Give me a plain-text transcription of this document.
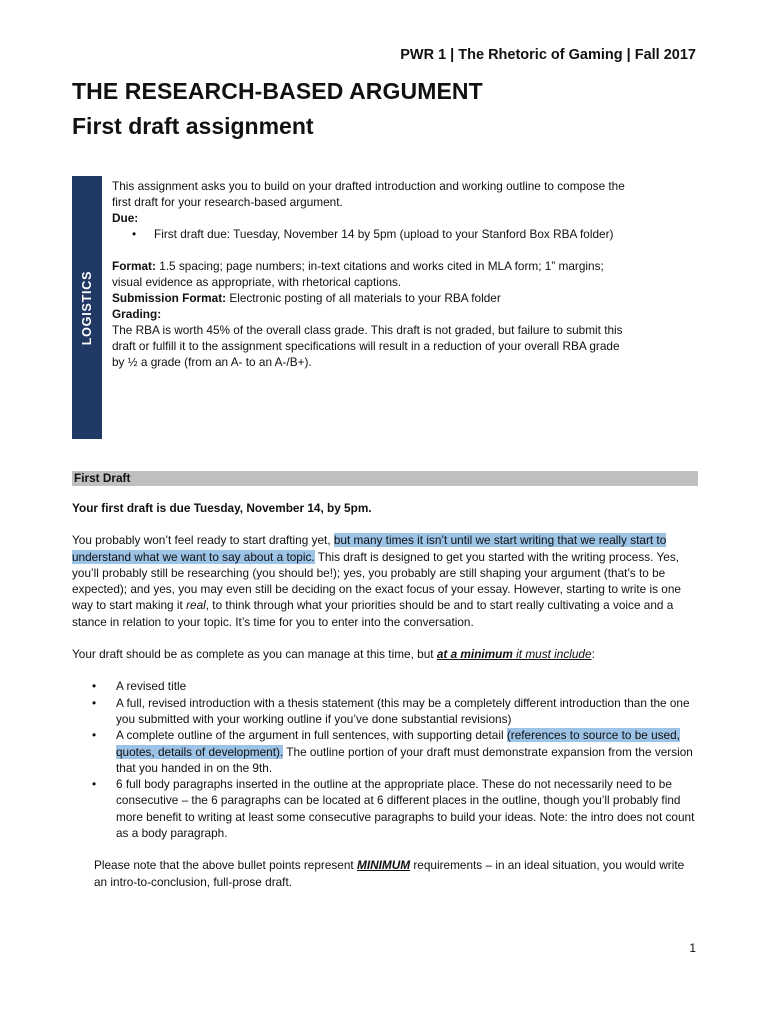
PWR 1 | The Rhetoric of Gaming | Fall 2017
THE RESEARCH-BASED ARGUMENT
First draft assignment
LOGISTICS

This assignment asks you to build on your drafted introduction and working outline to compose the first draft for your research-based argument.

Due:

•	First draft due: Tuesday, November 14 by 5pm (upload to your Stanford Box RBA folder)

Format: 1.5 spacing; page numbers; in-text citations and works cited in MLA form; 1” margins; visual evidence as appropriate, with rhetorical captions.

Submission Format: Electronic posting of all materials to your RBA folder

Grading:

The RBA is worth 45% of the overall class grade. This draft is not graded, but failure to submit this draft or fulfill it to the assignment specifications will result in a reduction of your overall RBA grade by ½ a grade (from an A- to an A-/B+).

First Draft

Your first draft is due Tuesday, November 14, by 5pm.

You probably won’t feel ready to start drafting yet, but many times it isn’t until we start writing that we really start to understand what we want to say about a topic. This draft is designed to get you started with the writing process. Yes, you’ll probably still be researching (you should be!); yes, you probably are still shaping your argument (that’s to be expected); and yes, you may even still be deciding on the exact focus of your essay. However, starting to write is one way to start making it real, to think through what your priorities should be and to start really cultivating a voice and a stance in relation to your topic. It’s time for you to enter into the conversation.

Your draft should be as complete as you can manage at this time, but at a minimum it must include:

•	A revised title
•	A full, revised introduction with a thesis statement (this may be a completely different introduction than the one you submitted with your working outline if you’ve done substantial revisions)
•	A complete outline of the argument in full sentences, with supporting detail (references to source to be used, quotes, details of development). The outline portion of your draft must demonstrate expansion from the version that you handed in on the 9th.
•	6 full body paragraphs inserted in the outline at the appropriate place. These do not necessarily need to be consecutive – the 6 paragraphs can be located at 6 different places in the outline, though you’ll probably find more benefit to writing at least some consecutive paragraphs to build your ideas. Note: the intro does not count as a body paragraph.

Please note that the above bullet points represent MINIMUM requirements – in an ideal situation, you would write an intro-to-conclusion, full-prose draft.

1
